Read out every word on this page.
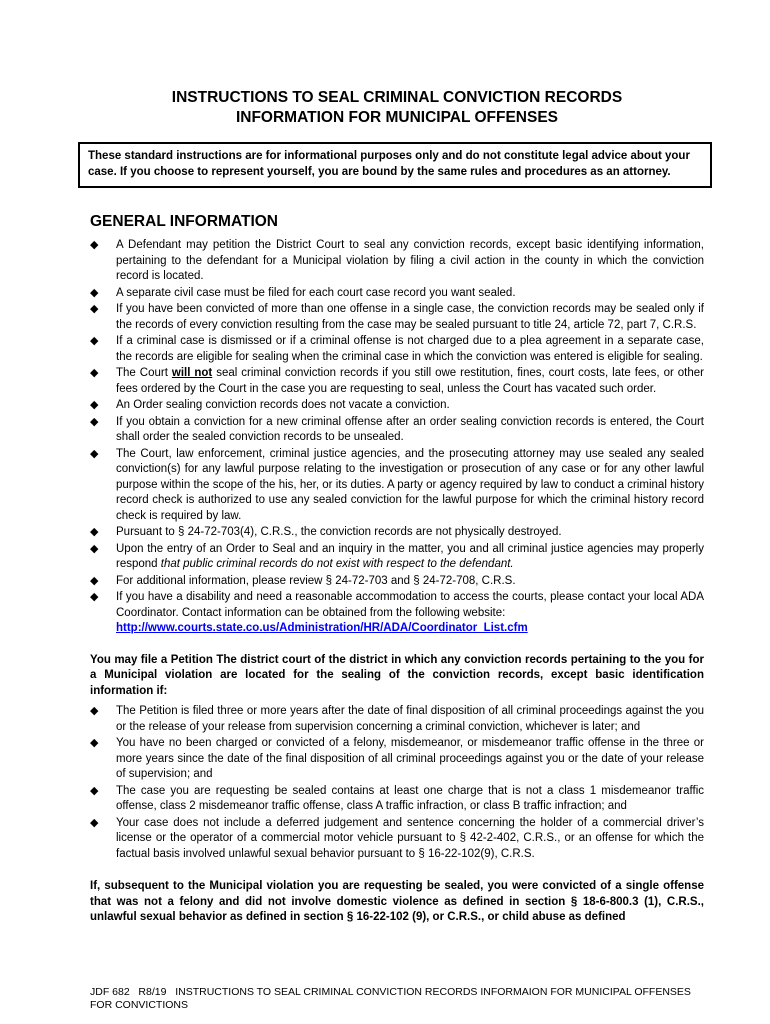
INSTRUCTIONS TO SEAL CRIMINAL CONVICTION RECORDS
INFORMATION FOR MUNICIPAL OFFENSES

These standard instructions are for informational purposes only and do not constitute legal advice about your case. If you choose to represent yourself, you are bound by the same rules and procedures as an attorney.

GENERAL INFORMATION
◆ A Defendant may petition the District Court to seal any conviction records, except basic identifying information, pertaining to the defendant for a Municipal violation by filing a civil action in the county in which the conviction record is located.
◆ A separate civil case must be filed for each court case record you want sealed.
◆ If you have been convicted of more than one offense in a single case, the conviction records may be sealed only if the records of every conviction resulting from the case may be sealed pursuant to title 24, article 72, part 7, C.R.S.
◆ If a criminal case is dismissed or if a criminal offense is not charged due to a plea agreement in a separate case, the records are eligible for sealing when the criminal case in which the conviction was entered is eligible for sealing.
◆ The Court will not seal criminal conviction records if you still owe restitution, fines, court costs, late fees, or other fees ordered by the Court in the case you are requesting to seal, unless the Court has vacated such order.
◆ An Order sealing conviction records does not vacate a conviction.
◆ If you obtain a conviction for a new criminal offense after an order sealing conviction records is entered, the Court shall order the sealed conviction records to be unsealed.
◆ The Court, law enforcement, criminal justice agencies, and the prosecuting attorney may use sealed any sealed conviction(s) for any lawful purpose relating to the investigation or prosecution of any case or for any other lawful purpose within the scope of the his, her, or its duties. A party or agency required by law to conduct a criminal history record check is authorized to use any sealed conviction for the lawful purpose for which the criminal history record check is required by law.
◆ Pursuant to § 24-72-703(4), C.R.S., the conviction records are not physically destroyed.
◆ Upon the entry of an Order to Seal and an inquiry in the matter, you and all criminal justice agencies may properly respond that public criminal records do not exist with respect to the defendant.
◆ For additional information, please review § 24-72-703 and § 24-72-708, C.R.S.
◆ If you have a disability and need a reasonable accommodation to access the courts, please contact your local ADA Coordinator. Contact information can be obtained from the following website:
http://www.courts.state.co.us/Administration/HR/ADA/Coordinator_List.cfm

You may file a Petition The district court of the district in which any conviction records pertaining to the you for a Municipal violation are located for the sealing of the conviction records, except basic identification information if:

◆ The Petition is filed three or more years after the date of final disposition of all criminal proceedings against the you or the release of your release from supervision concerning a criminal conviction, whichever is later; and
◆ You have no been charged or convicted of a felony, misdemeanor, or misdemeanor traffic offense in the three or more years since the date of the final disposition of all criminal proceedings against you or the date of your release of supervision; and
◆ The case you are requesting be sealed contains at least one charge that is not a class 1 misdemeanor traffic offense, class 2 misdemeanor traffic offense, class A traffic infraction, or class B traffic infraction; and
◆ Your case does not include a deferred judgement and sentence concerning the holder of a commercial driver’s license or the operator of a commercial motor vehicle pursuant to § 42-2-402, C.R.S., or an offense for which the factual basis involved unlawful sexual behavior pursuant to § 16-22-102(9), C.R.S.

If, subsequent to the Municipal violation you are requesting be sealed, you were convicted of a single offense that was not a felony and did not involve domestic violence as defined in section § 18-6-800.3 (1), C.R.S., unlawful sexual behavior as defined in section § 16-22-102 (9), or C.R.S., or child abuse as defined

JDF 682   R8/19   INSTRUCTIONS TO SEAL CRIMINAL CONVICTION RECORDS INFORMAION FOR MUNICIPAL OFFENSES FOR CONVICTIONS
